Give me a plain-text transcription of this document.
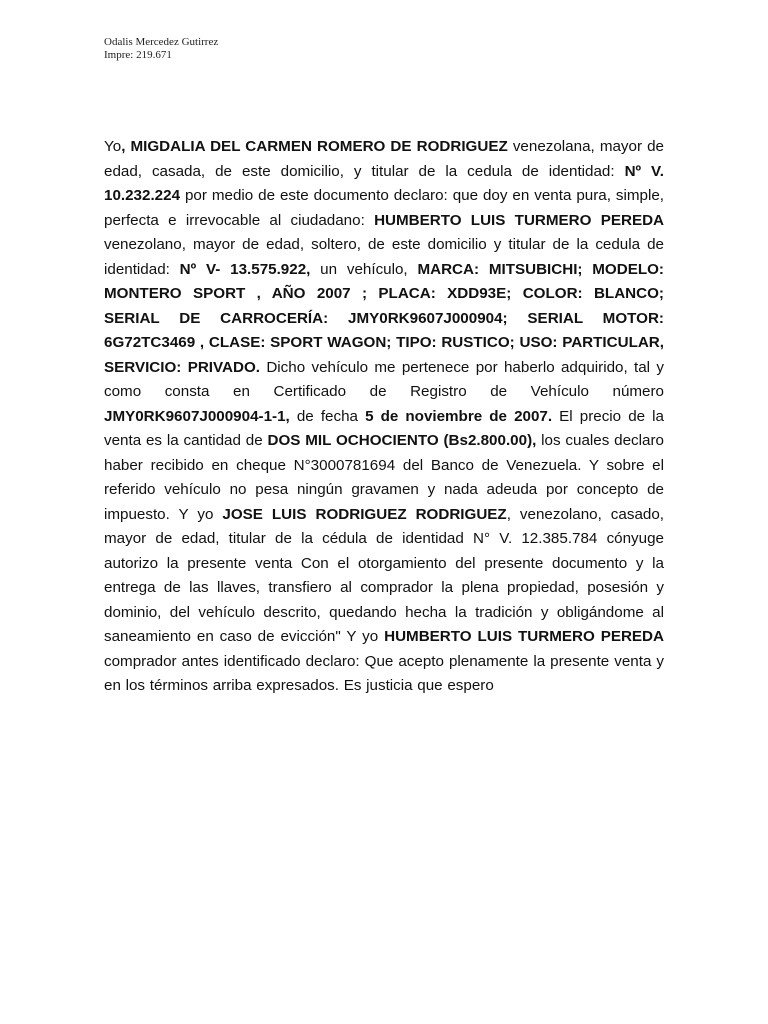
Odalis Mercedez Gutirrez
Impre: 219.671

Yo, MIGDALIA DEL CARMEN ROMERO DE RODRIGUEZ venezolana, mayor de edad, casada, de este domicilio, y titular de la cedula de identidad: Nº V. 10.232.224 por medio de este documento declaro: que doy en venta pura, simple, perfecta e irrevocable al ciudadano: HUMBERTO LUIS TURMERO PEREDA venezolano, mayor de edad, soltero, de este domicilio y titular de la cedula de identidad: Nº V- 13.575.922, un vehículo, MARCA: MITSUBICHI; MODELO: MONTERO SPORT , AÑO 2007 ; PLACA: XDD93E; COLOR: BLANCO; SERIAL DE CARROCERÍA: JMY0RK9607J000904; SERIAL MOTOR: 6G72TC3469 , CLASE: SPORT WAGON; TIPO: RUSTICO; USO: PARTICULAR, SERVICIO: PRIVADO. Dicho vehículo me pertenece por haberlo adquirido, tal y como consta en Certificado de Registro de Vehículo número JMY0RK9607J000904-1-1, de fecha 5 de noviembre de 2007. El precio de la venta es la cantidad de DOS MIL OCHOCIENTO (Bs2.800.00), los cuales declaro haber recibido en cheque N°3000781694 del Banco de Venezuela. Y sobre el referido vehículo no pesa ningún gravamen y nada adeuda por concepto de impuesto. Y yo JOSE LUIS RODRIGUEZ RODRIGUEZ, venezolano, casado, mayor de edad, titular de la cédula de identidad N° V. 12.385.784 cónyuge autorizo la presente venta Con el otorgamiento del presente documento y la entrega de las llaves, transfiero al comprador la plena propiedad, posesión y dominio, del vehículo descrito, quedando hecha la tradición y obligándome al saneamiento en caso de evicción" Y yo HUMBERTO LUIS TURMERO PEREDA comprador antes identificado declaro: Que acepto plenamente la presente venta y en los términos arriba expresados. Es justicia que espero
